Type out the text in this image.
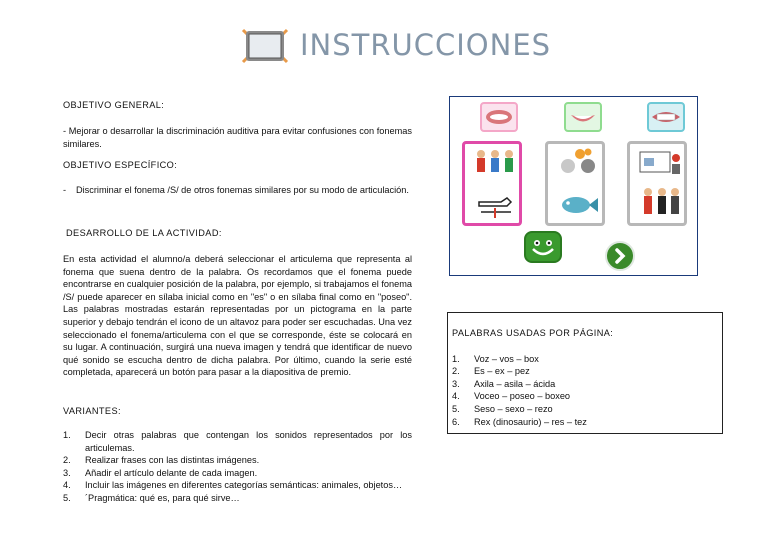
INSTRUCCIONES
OBJETIVO GENERAL:
- Mejorar o desarrollar la discriminación auditiva para evitar confusiones con fonemas similares.
OBJETIVO ESPECÍFICO:
- Discriminar el fonema /S/ de otros fonemas similares por su modo de articulación.
DESARROLLO DE LA ACTIVIDAD:
En esta actividad el alumno/a deberá seleccionar el articulema que representa al fonema que suena dentro de la palabra. Os recordamos que el fonema puede encontrarse en cualquier posición de la palabra, por ejemplo, si trabajamos el fonema /S/ puede aparecer en sílaba inicial como en "es" o en sílaba final como en "poseo". Las palabras mostradas estarán representadas por un pictograma en la parte superior y debajo tendrán el icono de un altavoz para poder ser escuchadas. Una vez seleccionado el fonema/articulema con el que se corresponde, éste se colocará en su lugar. A continuación, surgirá una nueva imagen y tendrá que identificar de nuevo qué sonido se escucha dentro de dicha palabra. Por último, cuando la serie esté completada, aparecerá un botón para pasar a la diapositiva de premio.
VARIANTES:
1. Decir otras palabras que contengan los sonidos representados por los articulemas.
2. Realizar frases con las distintas imágenes.
3. Añadir el artículo delante de cada imagen.
4. Incluir las imágenes en diferentes categorías semánticas: animales, objetos…
5. ´Pragmática: qué es, para qué sirve…
PALABRAS USADAS POR PÁGINA:
1. Voz – vos – box
2. Es – ex – pez
3. Axila – asila – ácida
4. Voceo – poseo – boxeo
5. Seso – sexo – rezo
6. Rex (dinosaurio) – res – tez
